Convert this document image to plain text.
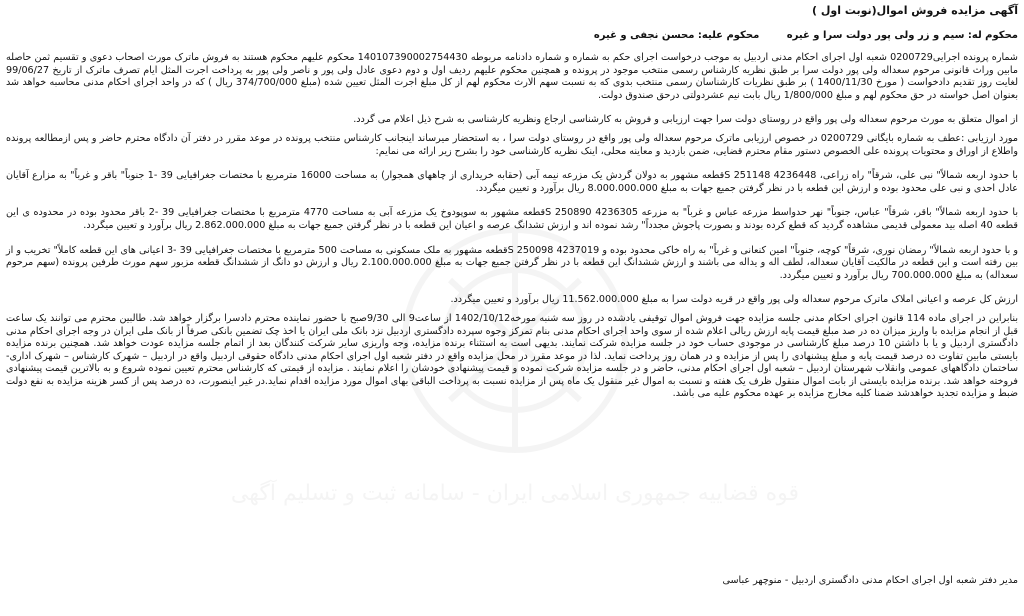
قوه قضاییه جمهوری اسلامی ایران - سامانه ثبت و تسلیم آگهی
آگهی مزایده فروش اموال(نوبت اول )
محکوم له: سیم و زر ولی پور دولت سرا و غیره محکوم علیه: محسن نجفی و غیره
شماره پرونده اجرایی0200729 شعبه اول اجرای احکام مدنی اردبیل به موجب درخواست اجرای حکم به شماره و شماره دادنامه مربوطه 140107390002754430 محکوم علیهم محکوم هستند به فروش ماترک مورث اصحاب دعوی و تقسیم ثمن حاصله مابین وراث قانونی مرحوم سعداله ولی پور دولت سرا بر طبق نظریه کارشناس رسمی منتخب موجود در پرونده و همچنین محکوم علیهم ردیف اول و دوم دعوی عادل ولی پور و ناصر ولی پور به پرداخت اجرت المثل ایام تصرف ماترک از تاریخ 99/06/27 لغایت روز تقدیم دادخواست ( مورخ 1400/11/30 ) بر طبق نظریات کارشناسان رسمی منتخب بدوی که به نسبت سهم الارث محکوم لهم از کل مبلغ اجرت المثل تعیین شده (مبلغ 374/700/000 ریال ) که در واحد اجرای احکام مدنی محاسبه خواهد شد بعنوان اصل خواسته در حق محکوم لهم و مبلغ 1/800/000 ریال بابت نیم عشردولتی درحق صندوق دولت.
از اموال متعلق به مورث مرحوم سعداله ولی پور واقع در روستای دولت سرا جهت ارزیابی و فروش به کارشناسی ارجاع ونظریه کارشناسی به شرح ذیل اعلام می گردد.
مورد ارزیابی :عطف به شماره بایگانی 0200729 در خصوص ارزیابی ماترک مرحوم سعداله ولی پور واقع در روستای دولت سرا ، به استحضار میرساند اینجانب کارشناس منتخب پرونده در موعد مقرر در دفتر آن دادگاه محترم حاضر و پس ازمطالعه پرونده واطلاع از اوراق و محتویات پرونده علی الخصوص دستور مقام محترم قضایی، ضمن بازدید و معاینه محلی، اینک نظریه کارشناسی خود را بشرح زیر ارائه می نمایم:
با حدود اربعه شمالاً" نبی علی، شرقاً" راه زراعی، 4236448 251148 Sقطعه مشهور به دولان گردش یک مزرعه نیمه آبی (حقابه خریداری از چاههای همجوار) به مساحت 16000 مترمربع با مختصات جغرافیایی 39 -1 جنوباً" باقر و غرباً" به مزارع آقایان عادل احدی و نبی علی محدود بوده و ارزش این قطعه با در نظر گرفتن جمیع جهات به مبلغ 8.000.000.000 ریال برآورد و تعیین میگردد.
با حدود اربعه شمالاً" باقر، شرقاً" عباس، جنوباً" نهر حدواسط مزرعه عباس و غرباً" به مزرعه 4236305 250890 Sقطعه مشهور به سوپودوخ یک مزرعه آبی به مساحت 4770 مترمربع با مختصات جغرافیایی 39 -2 باقر محدود بوده در محدوده ی این قطعه 40 اصله بید معمولی قدیمی مشاهده گردید که قطع کرده بودند و بصورت پاجوش مجدداً" رشد نموده اند و ارزش تشدانگ عرصه و اعیان این قطعه با در نظر گرفتن جمیع جهات به مبلغ 2.862.000.000 ریال برآورد و تعیین میگردد.
و با حدود اربعه شمالاً" رمضان نوری، شرقاً" کوچه، جنوباً" امین کنعانی و غرباً" به راه خاکی محدود بوده و 4237019 250098 Sقطعه مشهور به ملک مسکونی به مساحت 500 مترمربع با مختصات جغرافیایی 39 -3 اعیانی های این قطعه کاملاً" تخریب و از بین رفته است و این قطعه در مالکیت آقایان سعداله، لطف اله و یداله می باشند و ارزش ششدانگ این قطعه با در نظر گرفتن جمیع جهات به مبلغ 2.100.000.000 ریال و ارزش دو دانگ از ششدانگ قطعه مزبور سهم مورث طرفین پرونده (سهم مرحوم سعداله) به مبلغ 700.000.000 ریال برآورد و تعیین میگردد.
ارزش کل عرصه و اعیانی املاک ماترک مرحوم سعداله ولی پور واقع در قریه دولت سرا به مبلغ 11.562.000.000 ریال برآورد و تعیین میگردد.
بنابراین در اجرای ماده 114 قانون اجرای احکام مدنی جلسه مزایده جهت فروش اموال توقیفی یادشده در روز سه شنبه مورخه1402/10/12 از ساعت9 الی 9/30صبح با حضور نماینده محترم دادسرا برگزار خواهد شد. طالبین محترم می توانند یک ساعت قبل از انجام مزایده با واریز میزان ده در صد مبلغ قیمت پایه ارزش ریالی اعلام شده از سوی واحد اجرای احکام مدنی بنام تمرکز وجوه سپرده دادگستری اردبیل نزد بانک ملی ایران یا اخذ چک تضمین بانکی صرفاً از بانک ملی ایران در وجه اجرای احکام مدنی دادگستری اردبیل و یا با داشتن 10 درصد مبلغ کارشناسی در موجودی حساب خود در جلسه مزایده شرکت نمایند. بدیهی است به استثناء برنده مزایده، وجه واریزی سایر شرکت کنندگان بعد از اتمام جلسه مزایده عودت خواهد شد. همچنین برنده مزایده بایستی مابین تفاوت ده درصد قیمت پایه و مبلغ پیشنهادی را پس از مزایده و در همان روز پرداخت نماید. لذا در موعد مقرر در محل مزایده واقع در دفتر شعبه اول اجرای احکام مدنی دادگاه حقوقی اردبیل واقع در اردبیل – شهرک کارشناس – شهرک اداری- ساختمان دادگاههای عمومی وانقلاب شهرستان اردبیل – شعبه اول اجرای احکام مدنی، حاضر و در جلسه مزایده شرکت نموده و قیمت پیشنهادی خودشان را اعلام نمایند . مزایده از قیمتی که کارشناس محترم تعیین نموده شروع و به بالاترین قیمت پیشنهادی فروخته خواهد شد. برنده مزایده بایستی از بابت اموال منقول ظرف یک هفته و نسبت به اموال غیر منقول یک ماه پس از مزایده نسبت به پرداخت الباقی بهای اموال مورد مزایده اقدام نماید.در غیر اینصورت، ده درصد پس از کسر هزینه مزایده به نفع دولت ضبط و مزایده تجدید خواهدشد ضمنا کلیه مخارج مزایده بر عهده محکوم علیه می باشد.
مدیر دفتر شعبه اول اجرای احکام مدنی دادگستری اردبیل - منوچهر عباسی
